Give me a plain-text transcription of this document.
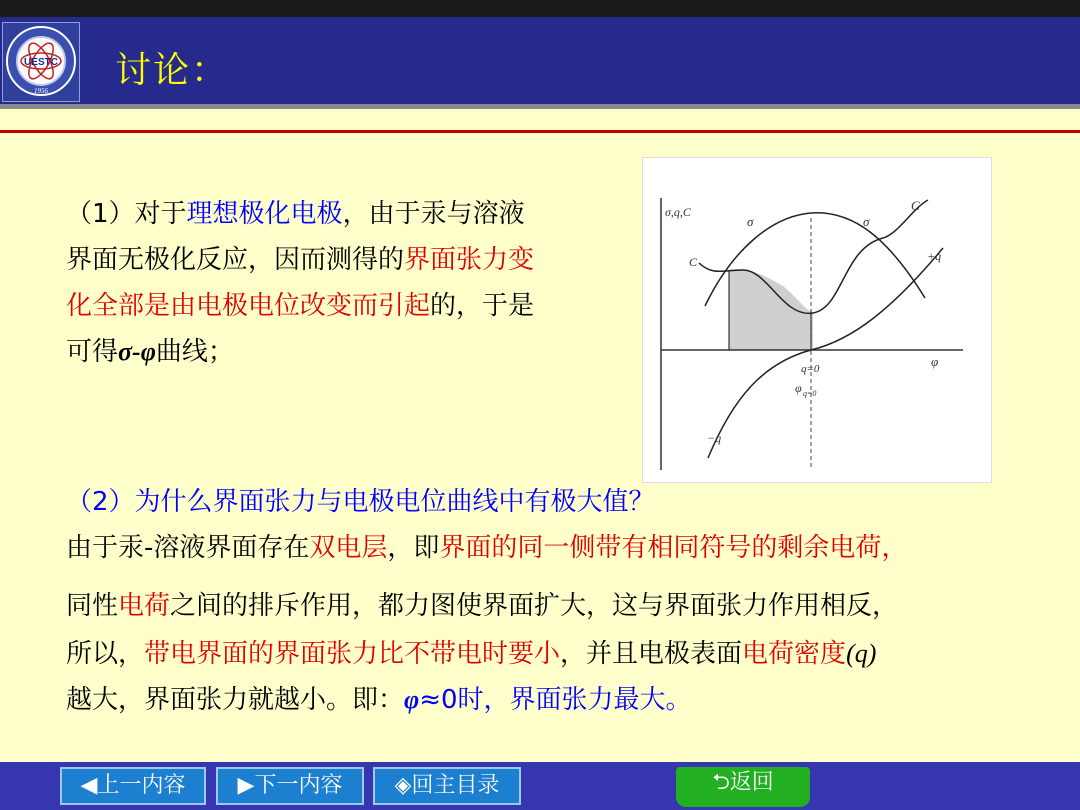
UESTC
1956 讨论：
（1）对于理想极化电极，由于汞与溶液
界面无极化反应，因而测得的界面张力变
化全部是由电极电位改变而引起的，于是
可得σ-φ曲线；
σ,q,C
C
σ	σ
C
+q
φ
q=0
φ q=0
−q
（2）为什么界面张力与电极电位曲线中有极大值？
由于汞-溶液界面存在双电层，即界面的同一侧带有相同符号的剩余电荷，
同性电荷之间的排斥作用，都力图使界面扩大，这与界面张力作用相反，
所以，带电界面的界面张力比不带电时要小，并且电极表面电荷密度(q)
越大，界面张力就越小。即：φ≈0时，界面张力最大。
◀上一内容	▶下一内容	◈回主目录	⮌返回
